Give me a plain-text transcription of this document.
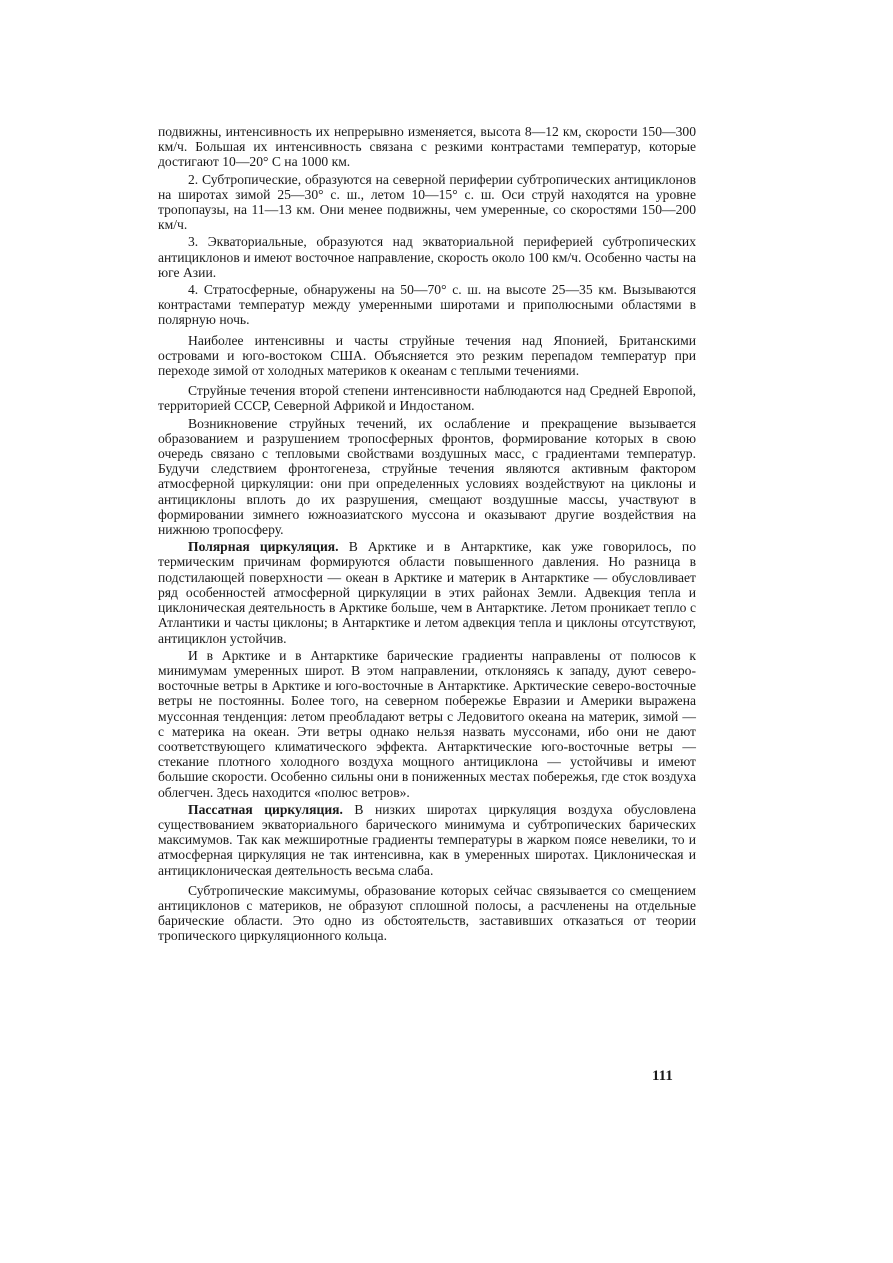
подвижны, интенсивность их непрерывно изменяется, высота 8—12 км, скорости 150—300 км/ч. Большая их интенсивность связана с резкими контрастами температур, которые достигают 10—20° С на 1000 км.

2. Субтропические, образуются на северной периферии субтропических антициклонов на широтах зимой 25—30° с. ш., летом 10—15° с. ш. Оси струй находятся на уровне тропопаузы, на 11—13 км. Они менее подвижны, чем умеренные, со скоростями 150—200 км/ч.

3. Экваториальные, образуются над экваториальной периферией субтропических антициклонов и имеют восточное направление, скорость около 100 км/ч. Особенно часты на юге Азии.

4. Стратосферные, обнаружены на 50—70° с. ш. на высоте 25—35 км. Вызываются контрастами температур между умеренными широтами и приполюсными областями в полярную ночь.

Наиболее интенсивны и часты струйные течения над Японией, Британскими островами и юго-востоком США. Объясняется это резким перепадом температур при переходе зимой от холодных материков к океанам с теплыми течениями.

Струйные течения второй степени интенсивности наблюдаются над Средней Европой, территорией СССР, Северной Африкой и Индостаном.

Возникновение струйных течений, их ослабление и прекращение вызывается образованием и разрушением тропосферных фронтов, формирование которых в свою очередь связано с тепловыми свойствами воздушных масс, с градиентами температур. Будучи следствием фронтогенеза, струйные течения являются активным фактором атмосферной циркуляции: они при определенных условиях воздействуют на циклоны и антициклоны вплоть до их разрушения, смещают воздушные массы, участвуют в формировании зимнего южноазиатского муссона и оказывают другие воздействия на нижнюю тропосферу.

Полярная циркуляция. В Арктике и в Антарктике, как уже говорилось, по термическим причинам формируются области повышенного давления. Но разница в подстилающей поверхности — океан в Арктике и материк в Антарктике — обусловливает ряд особенностей атмосферной циркуляции в этих районах Земли. Адвекция тепла и циклоническая деятельность в Арктике больше, чем в Антарктике. Летом проникает тепло с Атлантики и часты циклоны; в Антарктике и летом адвекция тепла и циклоны отсутствуют, антициклон устойчив.

И в Арктике и в Антарктике барические градиенты направлены от полюсов к минимумам умеренных широт. В этом направлении, отклоняясь к западу, дуют северо-восточные ветры в Арктике и юго-восточные в Антарктике. Арктические северо-восточные ветры не постоянны. Более того, на северном побережье Евразии и Америки выражена муссонная тенденция: летом преобладают ветры с Ледовитого океана на материк, зимой — с материка на океан. Эти ветры однако нельзя назвать муссонами, ибо они не дают соответствующего климатического эффекта. Антарктические юго-восточные ветры — стекание плотного холодного воздуха мощного антициклона — устойчивы и имеют большие скорости. Особенно сильны они в пониженных местах побережья, где сток воздуха облегчен. Здесь находится «полюс ветров».

Пассатная циркуляция. В низких широтах циркуляция воздуха обусловлена существованием экваториального барического минимума и субтропических барических максимумов. Так как межширотные градиенты температуры в жарком поясе невелики, то и атмосферная циркуляция не так интенсивна, как в умеренных широтах. Циклоническая и антициклоническая деятельность весьма слаба.

Субтропические максимумы, образование которых сейчас связывается со смещением антициклонов с материков, не образуют сплошной полосы, а расчленены на отдельные барические области. Это одно из обстоятельств, заставивших отказаться от теории тропического циркуляционного кольца.

111
